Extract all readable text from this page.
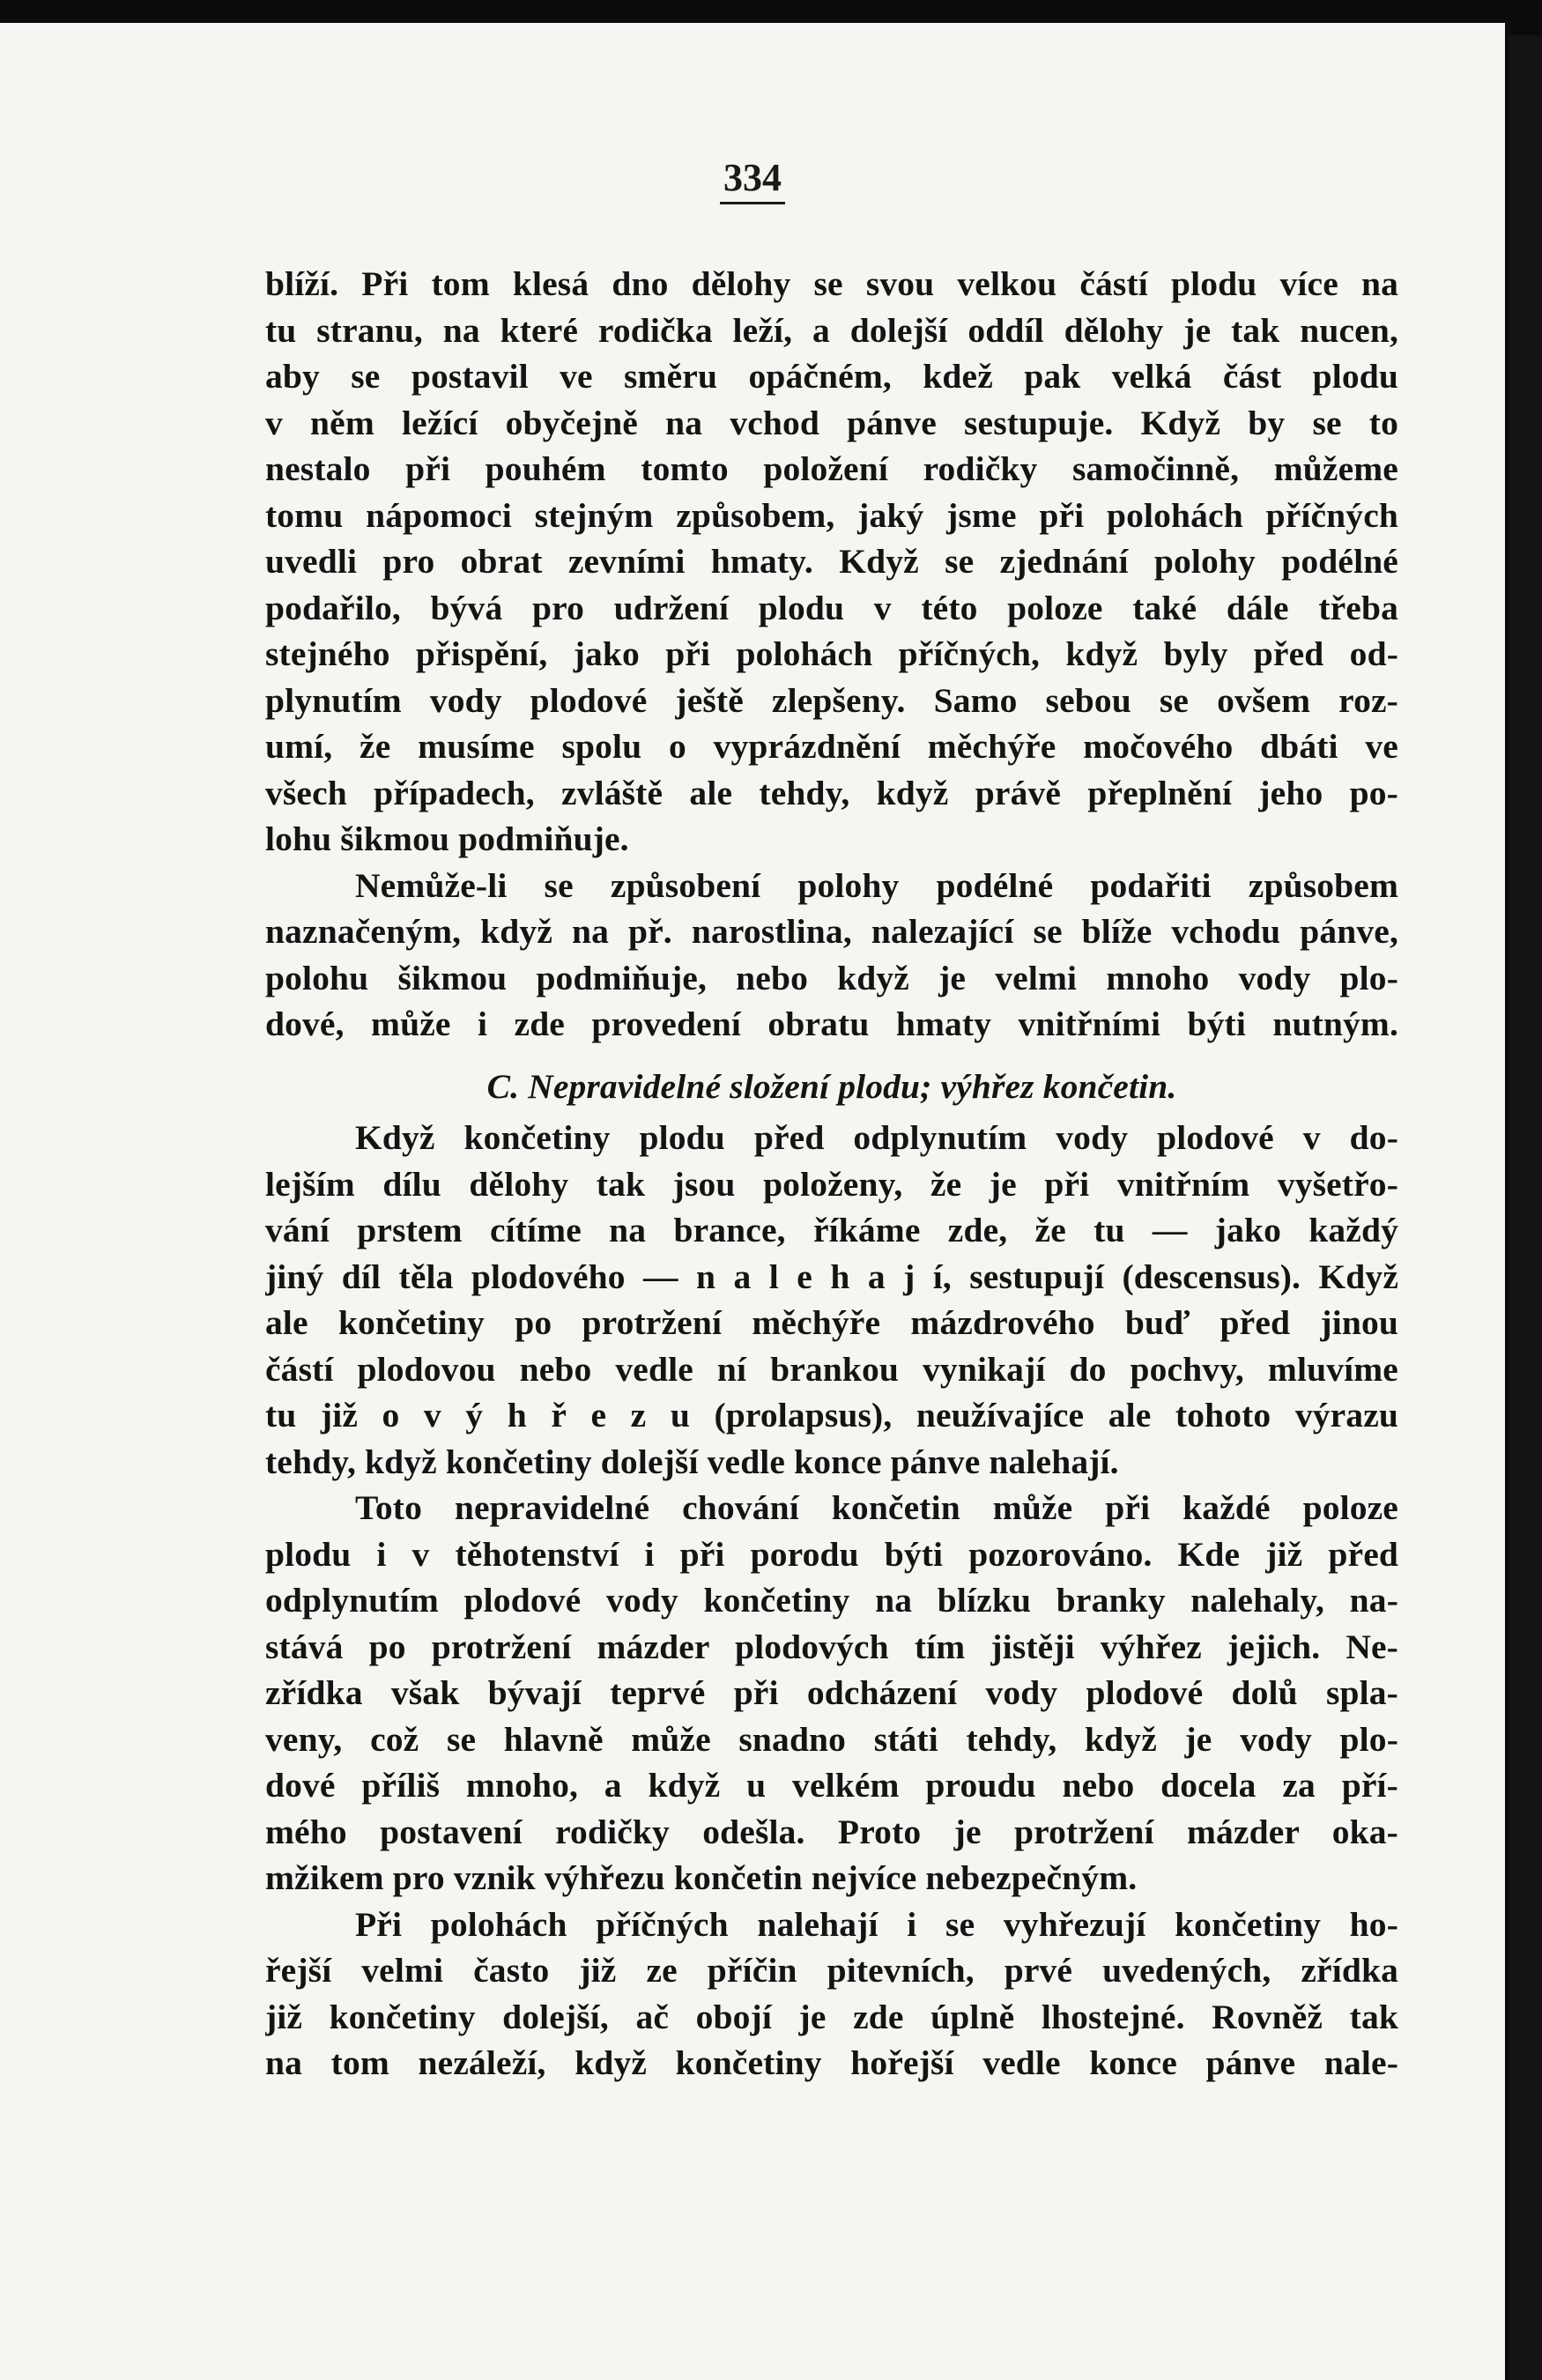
334
blíží. Při tom klesá dno dělohy se svou velkou částí plodu více na
tu stranu, na které rodička leží, a dolejší oddíl dělohy je tak nucen,
aby se postavil ve směru opáčném, kdež pak velká část plodu
v něm ležící obyčejně na vchod pánve sestupuje. Když by se to
nestalo při pouhém tomto položení rodičky samočinně, můžeme
tomu nápomoci stejným způsobem, jaký jsme při polohách příčných
uvedli pro obrat zevními hmaty. Když se zjednání polohy podélné
podařilo, bývá pro udržení plodu v této poloze také dále třeba
stejného přispění, jako při polohách příčných, když byly před od-
plynutím vody plodové ještě zlepšeny. Samo sebou se ovšem roz-
umí, že musíme spolu o vyprázdnění měchýře močového dbáti ve
všech případech, zvláště ale tehdy, když právě přeplnění jeho po-
lohu šikmou podmiňuje.
Nemůže-li se způsobení polohy podélné podařiti způsobem
naznačeným, když na př. narostlina, nalezající se blíže vchodu pánve,
polohu šikmou podmiňuje, nebo když je velmi mnoho vody plo-
dové, může i zde provedení obratu hmaty vnitřními býti nutným.
C. Nepravidelné složení plodu; výhřez končetin.
Když končetiny plodu před odplynutím vody plodové v do-
lejším dílu dělohy tak jsou položeny, že je při vnitřním vyšetřo-
vání prstem cítíme na brance, říkáme zde, že tu — jako každý
jiný díl těla plodového — n a l e h a j í, sestupují (descensus). Když
ale končetiny po protržení měchýře mázdrového buď před jinou
částí plodovou nebo vedle ní brankou vynikají do pochvy, mluvíme
tu již o v ý h ř e z u (prolapsus), neužívajíce ale tohoto výrazu
tehdy, když končetiny dolejší vedle konce pánve nalehají.
Toto nepravidelné chování končetin může při každé poloze
plodu i v těhotenství i při porodu býti pozorováno. Kde již před
odplynutím plodové vody končetiny na blízku branky nalehaly, na-
stává po protržení mázder plodových tím jistěji výhřez jejich. Ne-
zřídka však bývají teprvé při odcházení vody plodové dolů spla-
veny, což se hlavně může snadno státi tehdy, když je vody plo-
dové příliš mnoho, a když u velkém proudu nebo docela za pří-
mého postavení rodičky odešla. Proto je protržení mázder oka-
mžikem pro vznik výhřezu končetin nejvíce nebezpečným.
Při polohách příčných nalehají i se vyhřezují končetiny ho-
řejší velmi často již ze příčin pitevních, prvé uvedených, zřídka
již končetiny dolejší, ač obojí je zde úplně lhostejné. Rovněž tak
na tom nezáleží, když končetiny hořejší vedle konce pánve nale-
